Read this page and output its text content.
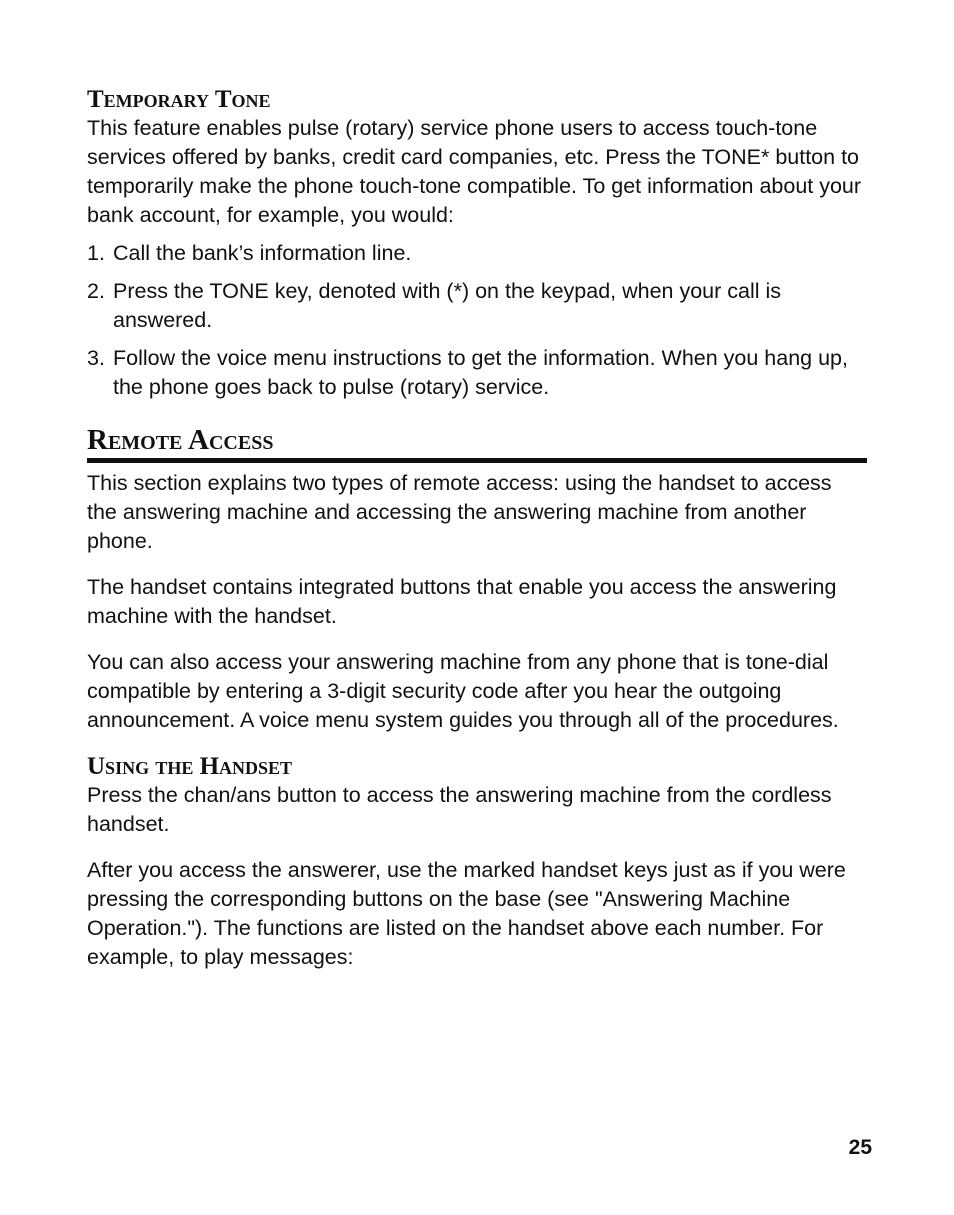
Temporary Tone

This feature enables pulse (rotary) service phone users to access touch-tone services offered by banks, credit card companies, etc. Press the TONE* button to temporarily make the phone touch-tone compatible. To get information about your bank account, for example, you would:

1. Call the bank’s information line.
2. Press the TONE key, denoted with (*) on the keypad, when your call is answered.
3. Follow the voice menu instructions to get the information. When you hang up, the phone goes back to pulse (rotary) service.
Remote Access

This section explains two types of remote access: using the handset to access the answering machine and accessing the answering machine from another phone.

The handset contains integrated buttons that enable you access the answering machine with the handset.

You can also access your answering machine from any phone that is tone-dial compatible by entering a 3-digit security code after you hear the outgoing announcement. A voice menu system guides you through all of the procedures.

Using the Handset

Press the chan/ans button to access the answering machine from the cordless handset.

After you access the answerer, use the marked handset keys just as if you were pressing the corresponding buttons on the base (see "Answering Machine Operation."). The functions are listed on the handset above each number. For example, to play messages:

25
